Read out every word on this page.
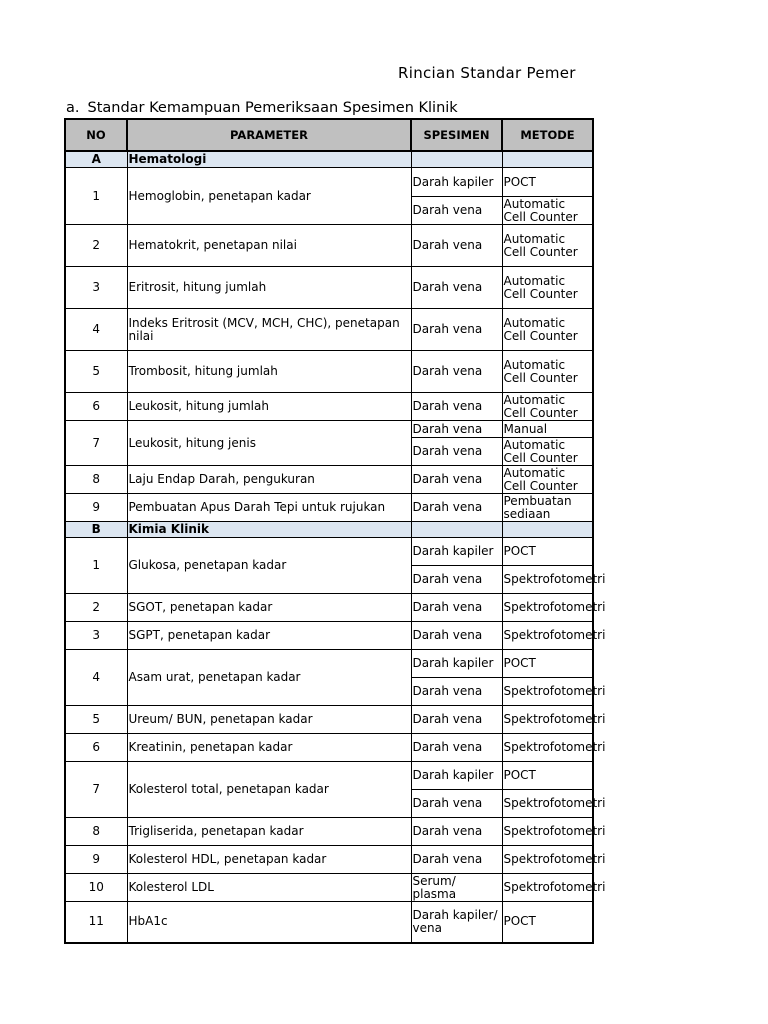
Rincian Standar Pemer
a. Standar Kemampuan Pemeriksaan Spesimen Klinik
NO	PARAMETER	SPESIMEN	METODE
A	Hematologi		
1	Hemoglobin, penetapan kadar	Darah kapiler	POCT
		Darah vena	Automatic Cell Counter
2	Hematokrit, penetapan nilai	Darah vena	Automatic Cell Counter
3	Eritrosit, hitung jumlah	Darah vena	Automatic Cell Counter
4	Indeks Eritrosit (MCV, MCH, CHC), penetapan nilai	Darah vena	Automatic Cell Counter
5	Trombosit, hitung jumlah	Darah vena	Automatic Cell Counter
6	Leukosit, hitung jumlah	Darah vena	Automatic Cell Counter
7	Leukosit, hitung jenis	Darah vena	Manual
		Darah vena	Automatic Cell Counter
8	Laju Endap Darah, pengukuran	Darah vena	Automatic Cell Counter
9	Pembuatan Apus Darah Tepi untuk rujukan	Darah vena	Pembuatan sediaan
B	Kimia Klinik		
1	Glukosa, penetapan kadar	Darah kapiler	POCT
		Darah vena	Spektrofotometri
2	SGOT, penetapan kadar	Darah vena	Spektrofotometri
3	SGPT, penetapan kadar	Darah vena	Spektrofotometri
4	Asam urat, penetapan kadar	Darah kapiler	POCT
		Darah vena	Spektrofotometri
5	Ureum/ BUN, penetapan kadar	Darah vena	Spektrofotometri
6	Kreatinin, penetapan kadar	Darah vena	Spektrofotometri
7	Kolesterol total, penetapan kadar	Darah kapiler	POCT
		Darah vena	Spektrofotometri
8	Trigliserida, penetapan kadar	Darah vena	Spektrofotometri
9	Kolesterol HDL, penetapan kadar	Darah vena	Spektrofotometri
10	Kolesterol LDL	Serum/ plasma	Spektrofotometri
11	HbA1c	Darah kapiler/ vena	POCT
